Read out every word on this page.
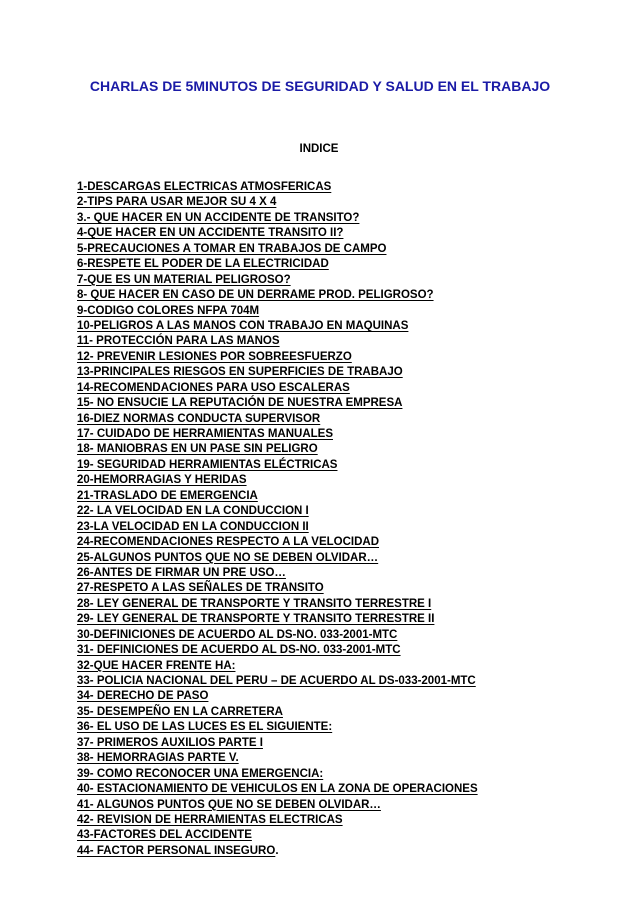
CHARLAS DE 5MINUTOS DE SEGURIDAD Y SALUD EN EL TRABAJO
INDICE
1-DESCARGAS ELECTRICAS ATMOSFERICAS
2-TIPS PARA USAR MEJOR SU 4 X 4
3.- QUE HACER EN UN ACCIDENTE DE TRANSITO?
4-QUE HACER EN UN ACCIDENTE TRANSITO II?
5-PRECAUCIONES A TOMAR EN TRABAJOS DE CAMPO
6-RESPETE EL PODER DE LA ELECTRICIDAD
7-QUE ES UN MATERIAL PELIGROSO?
8- QUE HACER EN CASO DE UN DERRAME PROD. PELIGROSO?
9-CODIGO COLORES NFPA 704M
10-PELIGROS A LAS MANOS CON TRABAJO EN MAQUINAS
11- PROTECCIÓN PARA LAS MANOS
12- PREVENIR LESIONES POR SOBREESFUERZO
13-PRINCIPALES RIESGOS EN SUPERFICIES DE TRABAJO
14-RECOMENDACIONES PARA USO ESCALERAS
15- NO ENSUCIE LA REPUTACIÓN DE NUESTRA EMPRESA
16-DIEZ NORMAS CONDUCTA SUPERVISOR
17- CUIDADO DE HERRAMIENTAS MANUALES
18- MANIOBRAS EN UN PASE SIN PELIGRO
19- SEGURIDAD HERRAMIENTAS ELÉCTRICAS
20-HEMORRAGIAS Y HERIDAS
21-TRASLADO DE EMERGENCIA
22- LA VELOCIDAD EN LA CONDUCCION I
23-LA VELOCIDAD EN LA CONDUCCION II
24-RECOMENDACIONES RESPECTO A LA VELOCIDAD
25-ALGUNOS PUNTOS QUE NO SE DEBEN OLVIDAR…
26-ANTES DE FIRMAR UN PRE USO…
27-RESPETO A LAS SEÑALES DE TRANSITO
28- LEY GENERAL DE TRANSPORTE Y TRANSITO TERRESTRE I
29- LEY GENERAL DE TRANSPORTE Y TRANSITO TERRESTRE II
30-DEFINICIONES DE ACUERDO AL DS-NO. 033-2001-MTC
31- DEFINICIONES DE ACUERDO AL DS-NO. 033-2001-MTC
32-QUE HACER FRENTE HA:
33- POLICIA NACIONAL DEL PERU – DE ACUERDO AL DS-033-2001-MTC
34- DERECHO DE PASO
35- DESEMPEÑO EN LA CARRETERA
36- EL USO DE LAS LUCES ES EL SIGUIENTE:
37- PRIMEROS AUXILIOS PARTE I
38- HEMORRAGIAS PARTE V.
39- COMO RECONOCER UNA EMERGENCIA:
40- ESTACIONAMIENTO DE VEHICULOS EN LA ZONA DE OPERACIONES
41- ALGUNOS PUNTOS QUE NO SE DEBEN OLVIDAR…
42- REVISION DE HERRAMIENTAS ELECTRICAS
43-FACTORES DEL ACCIDENTE
44- FACTOR PERSONAL INSEGURO.
